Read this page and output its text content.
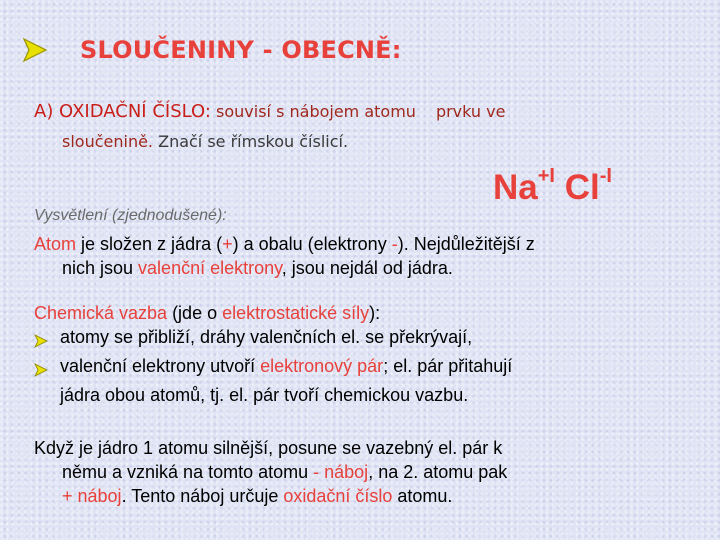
SLOUČENINY - OBECNĚ:
A) OXIDAČNÍ ČÍSLO: souvisí s nábojem atomu prvku ve
sloučenině. Značí se římskou číslicí.
$Na^{+I}$ $Cl^{-I}$
Vysvětlení (zjednodušené):
Atom je složen z jádra (+) a obalu (elektrony -). Nejdůležitější z
nich jsou valenční elektrony, jsou nejdál od jádra.
Chemická vazba (jde o elektrostatické síly):
atomy se přibliží, dráhy valenčních el. se překrývají,
valenční elektrony utvoří elektronový pár; el. pár přitahují
jádra obou atomů, tj. el. pár tvoří chemickou vazbu.
Když je jádro 1 atomu silnější, posune se vazebný el. pár k
němu a vzniká na tomto atomu - náboj, na 2. atomu pak
+ náboj. Tento náboj určuje oxidační číslo atomu.
